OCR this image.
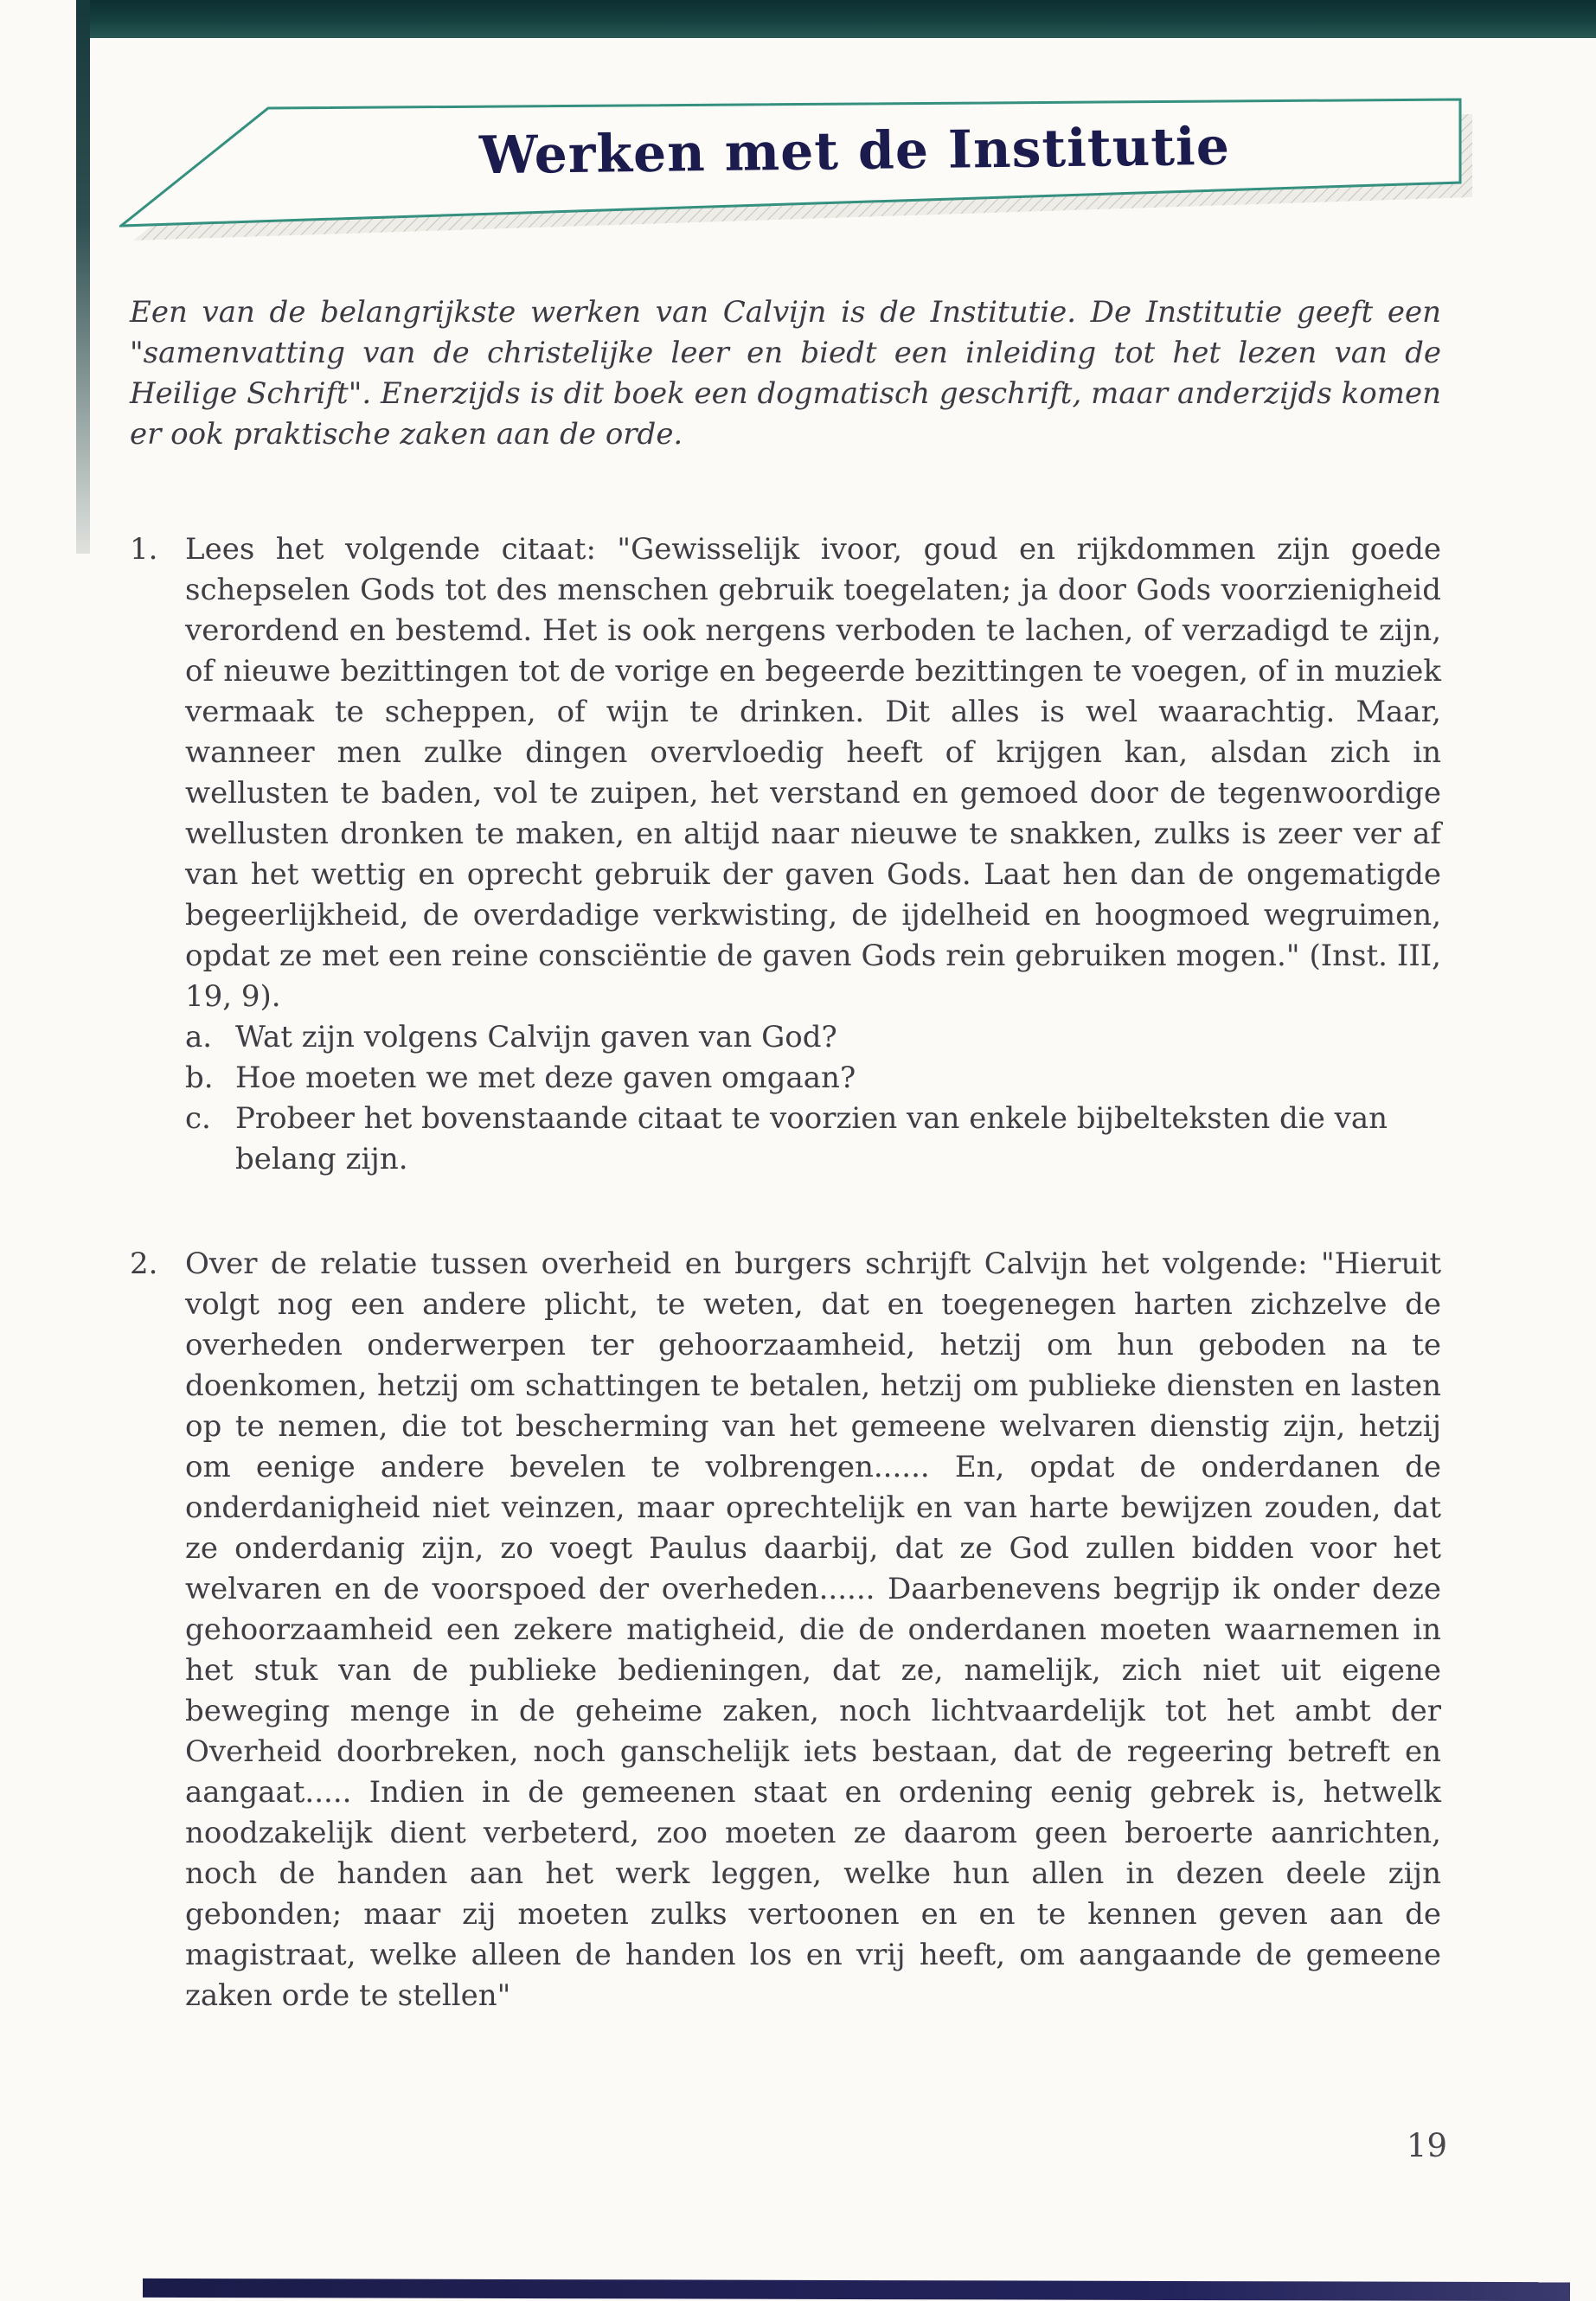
Werken met de Institutie

Een van de belangrijkste werken van Calvijn is de Institutie. De Institutie geeft een "samenvatting van de christelijke leer en biedt een inleiding tot het lezen van de Heilige Schrift". Enerzijds is dit boek een dogmatisch geschrift, maar anderzijds komen er ook praktische zaken aan de orde.

1. Lees het volgende citaat: "Gewisselijk ivoor, goud en rijkdommen zijn goede schepselen Gods tot des menschen gebruik toegelaten; ja door Gods voorzienigheid verordend en bestemd. Het is ook nergens verboden te lachen, of verzadigd te zijn, of nieuwe bezittingen tot de vorige en begeerde bezittingen te voegen, of in muziek vermaak te scheppen, of wijn te drinken. Dit alles is wel waarachtig. Maar, wanneer men zulke dingen overvloedig heeft of krijgen kan, alsdan zich in wellusten te baden, vol te zuipen, het verstand en gemoed door de tegenwoordige wellusten dronken te maken, en altijd naar nieuwe te snakken, zulks is zeer ver af van het wettig en oprecht gebruik der gaven Gods. Laat hen dan de ongematigde begeerlijkheid, de overdadige verkwisting, de ijdelheid en hoogmoed wegruimen, opdat ze met een reine consciëntie de gaven Gods rein gebruiken mogen." (Inst. III, 19, 9).

a. Wat zijn volgens Calvijn gaven van God?

b. Hoe moeten we met deze gaven omgaan?

c. Probeer het bovenstaande citaat te voorzien van enkele bijbelteksten die van belang zijn.

2. Over de relatie tussen overheid en burgers schrijft Calvijn het volgende: "Hieruit volgt nog een andere plicht, te weten, dat en toegenegen harten zichzelve de overheden onderwerpen ter gehoorzaamheid, hetzij om hun geboden na te doenkomen, hetzij om schattingen te betalen, hetzij om publieke diensten en lasten op te nemen, die tot bescherming van het gemeene welvaren dienstig zijn, hetzij om eenige andere bevelen te volbrengen...... En, opdat de onderdanen de onderdanigheid niet veinzen, maar oprechtelijk en van harte bewijzen zouden, dat ze onderdanig zijn, zo voegt Paulus daarbij, dat ze God zullen bidden voor het welvaren en de voorspoed der overheden...... Daarbenevens begrijp ik onder deze gehoorzaamheid een zekere matigheid, die de onderdanen moeten waarnemen in het stuk van de publieke bedieningen, dat ze, namelijk, zich niet uit eigene beweging menge in de geheime zaken, noch lichtvaardelijk tot het ambt der Overheid doorbreken, noch ganschelijk iets bestaan, dat de regeering betreft en aangaat..... Indien in de gemeenen staat en ordening eenig gebrek is, hetwelk noodzakelijk dient verbeterd, zoo moeten ze daarom geen beroerte aanrichten, noch de handen aan het werk leggen, welke hun allen in dezen deele zijn gebonden; maar zij moeten zulks vertoonen en en te kennen geven aan de magistraat, welke alleen de handen los en vrij heeft, om aangaande de gemeene zaken orde te stellen"

19
